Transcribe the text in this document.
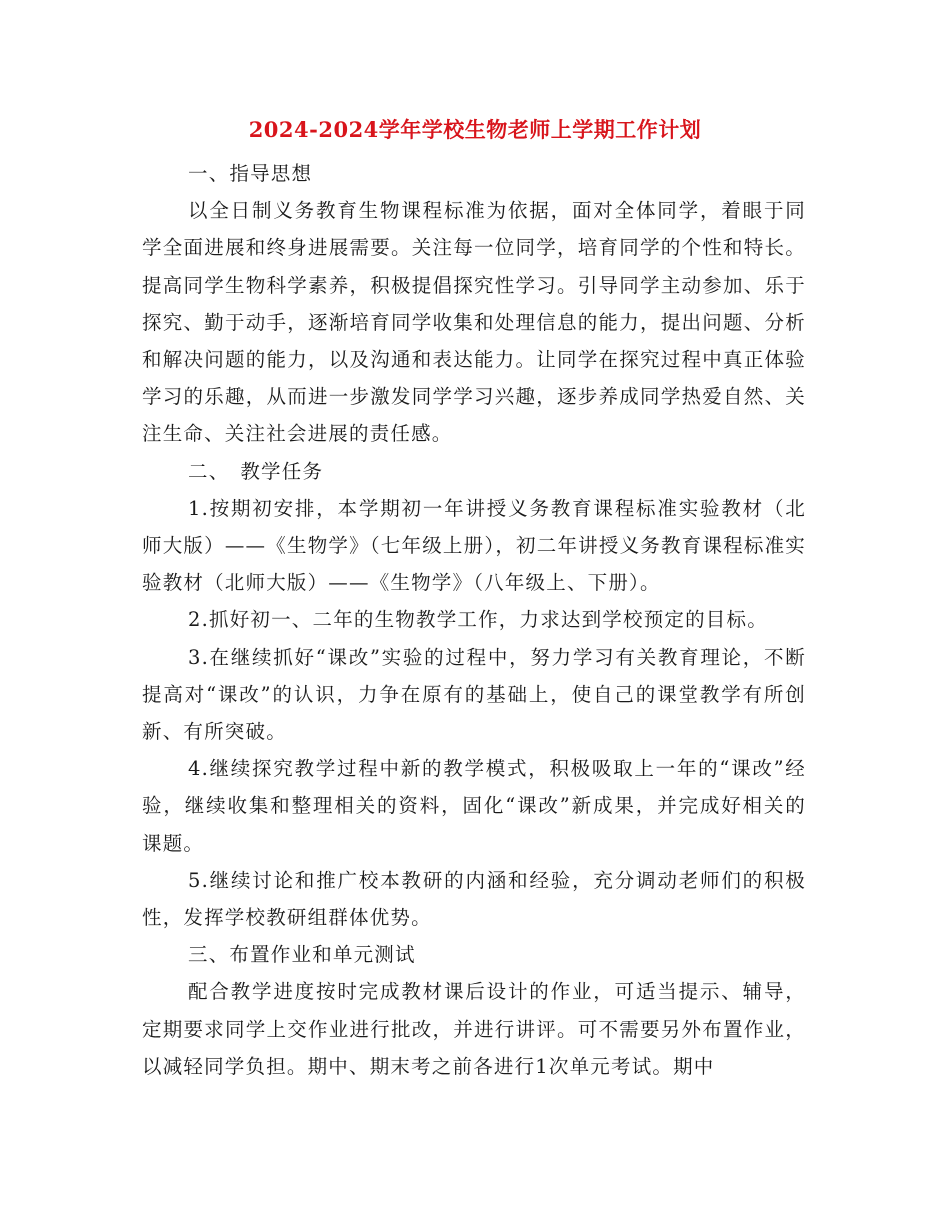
2024-2024学年学校生物老师上学期工作计划

一、指导思想

以全日制义务教育生物课程标准为依据，面对全体同学，着眼于同学全面进展和终身进展需要。关注每一位同学，培育同学的个性和特长。提高同学生物科学素养，积极提倡探究性学习。引导同学主动参加、乐于探究、勤于动手，逐渐培育同学收集和处理信息的能力，提出问题、分析和解决问题的能力，以及沟通和表达能力。让同学在探究过程中真正体验学习的乐趣，从而进一步激发同学学习兴趣，逐步养成同学热爱自然、关注生命、关注社会进展的责任感。

二、　教学任务

1.按期初安排，本学期初一年讲授义务教育课程标准实验教材（北师大版）——《生物学》（七年级上册），初二年讲授义务教育课程标准实验教材（北师大版）——《生物学》（八年级上、下册）。

2.抓好初一、二年的生物教学工作，力求达到学校预定的目标。

3.在继续抓好“课改”实验的过程中，努力学习有关教育理论，不断提高对“课改”的认识，力争在原有的基础上，使自己的课堂教学有所创新、有所突破。

4.继续探究教学过程中新的教学模式，积极吸取上一年的“课改”经验，继续收集和整理相关的资料，固化“课改”新成果，并完成好相关的课题。

5.继续讨论和推广校本教研的内涵和经验，充分调动老师们的积极性，发挥学校教研组群体优势。

三、布置作业和单元测试

配合教学进度按时完成教材课后设计的作业，可适当提示、辅导，定期要求同学上交作业进行批改，并进行讲评。可不需要另外布置作业，以减轻同学负担。期中、期末考之前各进行1次单元考试。期中
